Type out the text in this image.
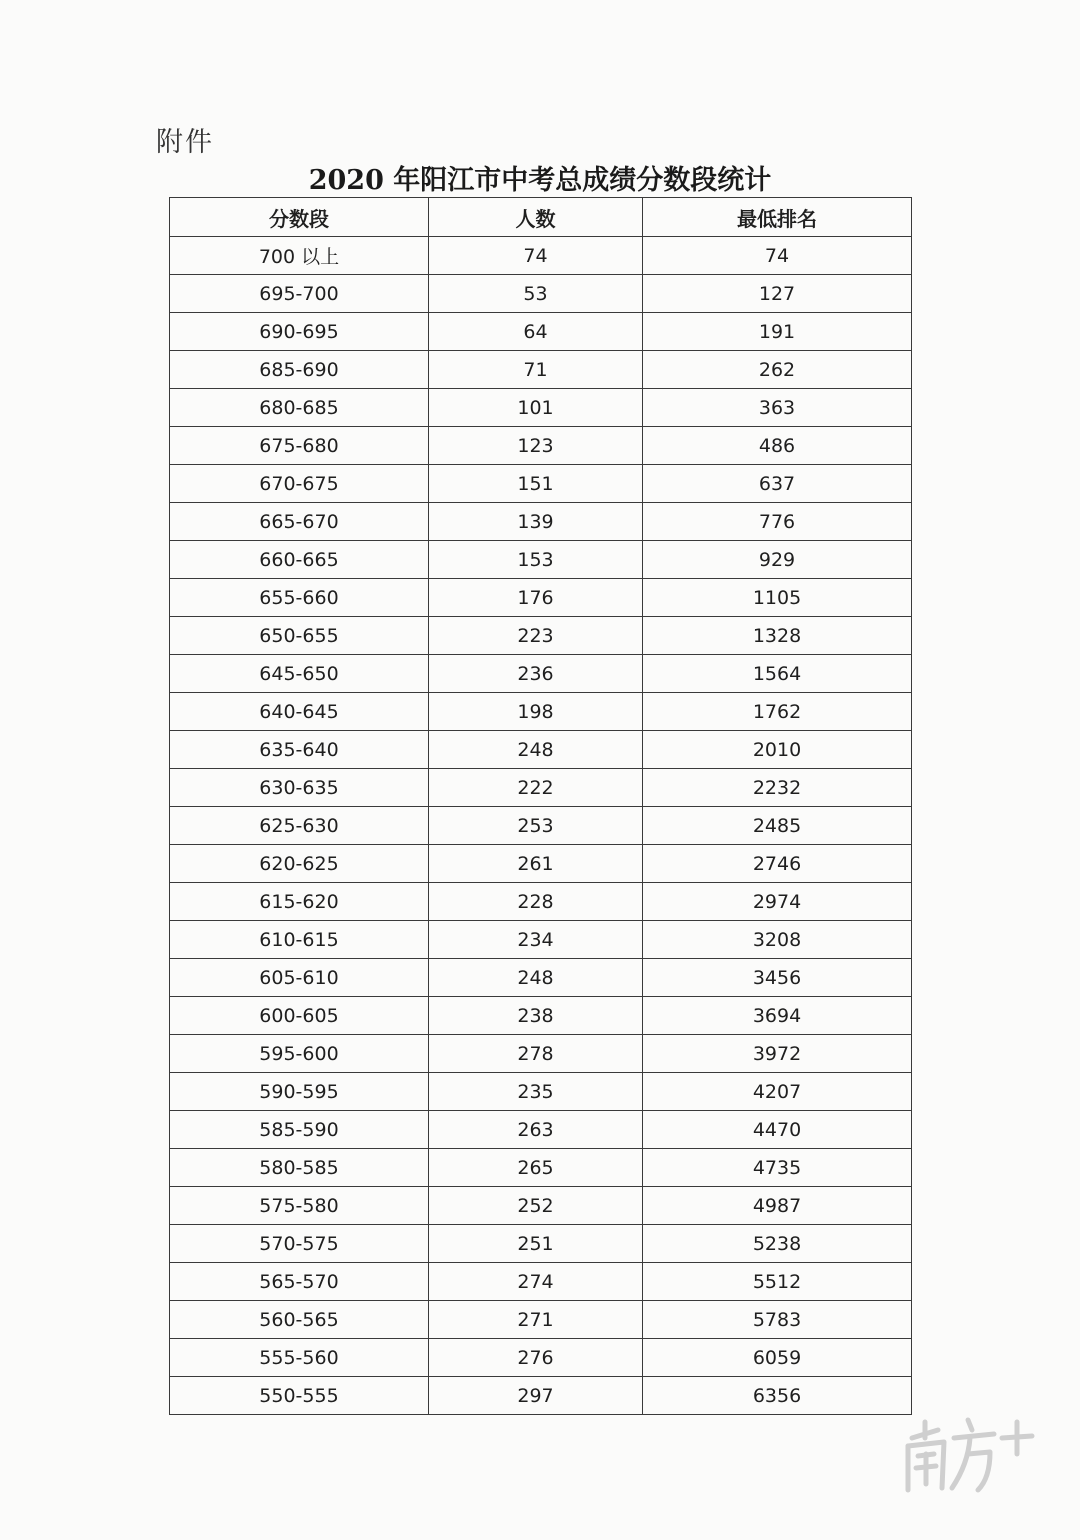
附件
2020 年阳江市中考总成绩分数段统计
分数段	人数	最低排名
700 以上	74	74
695-700	53	127
690-695	64	191
685-690	71	262
680-685	101	363
675-680	123	486
670-675	151	637
665-670	139	776
660-665	153	929
655-660	176	1105
650-655	223	1328
645-650	236	1564
640-645	198	1762
635-640	248	2010
630-635	222	2232
625-630	253	2485
620-625	261	2746
615-620	228	2974
610-615	234	3208
605-610	248	3456
600-605	238	3694
595-600	278	3972
590-595	235	4207
585-590	263	4470
580-585	265	4735
575-580	252	4987
570-575	251	5238
565-570	274	5512
560-565	271	5783
555-560	276	6059
550-555	297	6356
